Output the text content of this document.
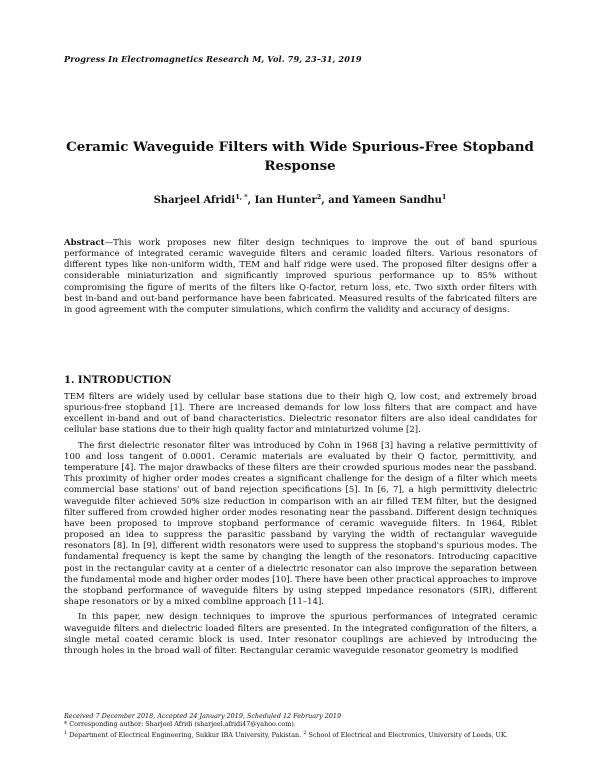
Progress In Electromagnetics Research M, Vol. 79, 23–31, 2019
Ceramic Waveguide Filters with Wide Spurious-Free Stopband Response
Sharjeel Afridi$^{1, *}$, Ian Hunter$^2$, and Yameen Sandhu$^1$

Abstract—This work proposes new filter design techniques to improve the out of band spurious performance of integrated ceramic waveguide filters and ceramic loaded filters. Various resonators of different types like non-uniform width, TEM and half ridge were used. The proposed filter designs offer a considerable miniaturization and significantly improved spurious performance up to 85% without compromising the figure of merits of the filters like Q-factor, return loss, etc. Two sixth order filters with best in-band and out-band performance have been fabricated. Measured results of the fabricated filters are in good agreement with the computer simulations, which confirm the validity and accuracy of designs.

1. INTRODUCTION

TEM filters are widely used by cellular base stations due to their high Q, low cost, and extremely broad spurious-free stopband [1]. There are increased demands for low loss filters that are compact and have excellent in-band and out of band characteristics. Dielectric resonator filters are also ideal candidates for cellular base stations due to their high quality factor and miniaturized volume [2].

The first dielectric resonator filter was introduced by Cohn in 1968 [3] having a relative permittivity of 100 and loss tangent of 0.0001. Ceramic materials are evaluated by their Q factor, permittivity, and temperature [4]. The major drawbacks of these filters are their crowded spurious modes near the passband. This proximity of higher order modes creates a significant challenge for the design of a filter which meets commercial base stations' out of band rejection specifications [5]. In [6, 7], a high permittivity dielectric waveguide filter achieved 50% size reduction in comparison with an air filled TEM filter, but the designed filter suffered from crowded higher order modes resonating near the passband. Different design techniques have been proposed to improve stopband performance of ceramic waveguide filters. In 1964, Riblet proposed an idea to suppress the parasitic passband by varying the width of rectangular waveguide resonators [8]. In [9], different width resonators were used to suppress the stopband's spurious modes. The fundamental frequency is kept the same by changing the length of the resonators. Introducing capacitive post in the rectangular cavity at a center of a dielectric resonator can also improve the separation between the fundamental mode and higher order modes [10]. There have been other practical approaches to improve the stopband performance of waveguide filters by using stepped impedance resonators (SIR), different shape resonators or by a mixed combline approach [11–14].

In this paper, new design techniques to improve the spurious performances of integrated ceramic waveguide filters and dielectric loaded filters are presented. In the integrated configuration of the filters, a single metal coated ceramic block is used. Inter resonator couplings are achieved by introducing the through holes in the broad wall of filter. Rectangular ceramic waveguide resonator geometry is modified

Received 7 December 2018, Accepted 24 January 2019, Scheduled 12 February 2019
* Corresponding author: Sharjeel Afridi (sharjeel.afridi47@yahoo.com).
$^1$ Department of Electrical Engineering, Sukkur IBA University, Pakistan. $^2$ School of Electrical and Electronics, University of Leeds, UK.
